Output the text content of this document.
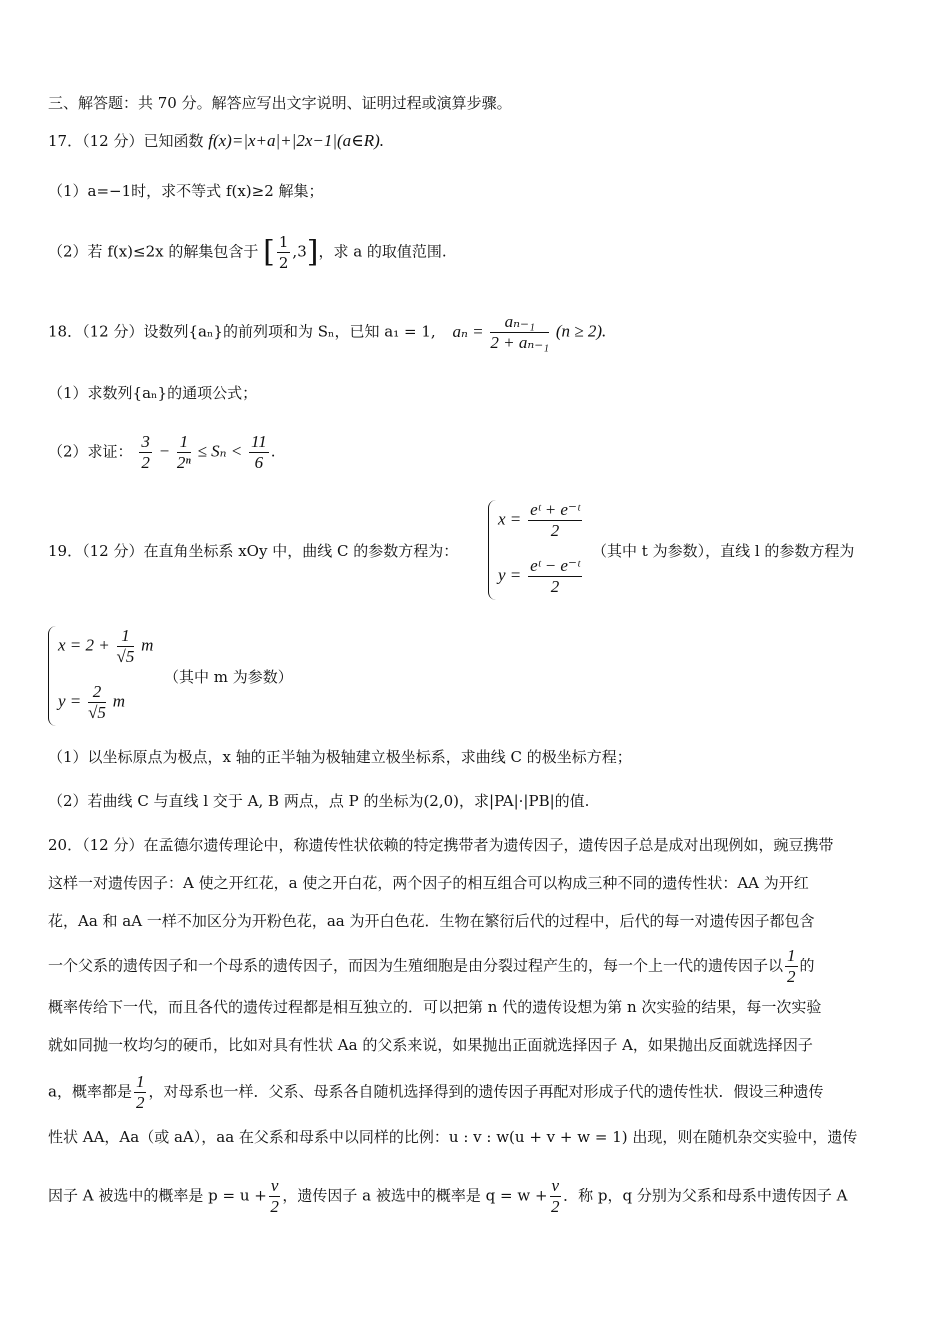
三、解答题：共 70 分。解答应写出文字说明、证明过程或演算步骤。
17．（12 分）已知函数 f(x)=|x+a|+|2x−1|(a∈R).
（1）a=−1时，求不等式 f(x)≥2 解集；
（2）若 f(x)≤2x 的解集包含于 [ $\frac{1}{2} ,3$]，求 a 的取值范围.
18．（12 分）设数列{aₙ}的前列项和为 Sₙ，已知 a₁ = 1, $a_n = \frac{\text{aₙ₋₁}}{\text{2 + aₙ₋₁}} (n \ge 2)$.
（1）求数列{aₙ}的通项公式；
（2）求证： $\frac{3}{2} - \frac{1}{\text{2ⁿ}} \le S_n < \frac{11}{6}$ .
19．（12 分）在直角坐标系 xOy 中，曲线 C 的参数方程为：
$x = \frac{\text{eᵗ + e⁻ᵗ}}{2}$
$y = \frac{\text{eᵗ − e⁻ᵗ}}{2}$
（其中 t 为参数），直线 l 的参数方程为
$x = 2 + \frac{1}{√5}$ m
$y = \frac{2}{√5}$ m
（其中 m 为参数）
（1）以坐标原点为极点，x 轴的正半轴为极轴建立极坐标系，求曲线 C 的极坐标方程；
（2）若曲线 C 与直线 l 交于 A, B 两点，点 P 的坐标为(2,0)，求|PA|·|PB|的值.
20．（12 分）在孟德尔遗传理论中，称遗传性状依赖的特定携带者为遗传因子，遗传因子总是成对出现例如，豌豆携带
这样一对遗传因子：A 使之开红花，a 使之开白花，两个因子的相互组合可以构成三种不同的遗传性状：AA 为开红
花，Aa 和 aA 一样不加区分为开粉色花，aa 为开白色花．生物在繁衍后代的过程中，后代的每一对遗传因子都包含
一个父系的遗传因子和一个母系的遗传因子，而因为生殖细胞是由分裂过程产生的，每一个上一代的遗传因子以 $\frac{1}{2}$ 的
概率传给下一代，而且各代的遗传过程都是相互独立的．可以把第 n 代的遗传设想为第 n 次实验的结果，每一次实验
就如同抛一枚均匀的硬币，比如对具有性状 Aa 的父系来说，如果抛出正面就选择因子 A，如果抛出反面就选择因子
a，概率都是 $\frac{1}{2}$ ，对母系也一样．父系、母系各自随机选择得到的遗传因子再配对形成子代的遗传性状．假设三种遗传
性状 AA，Aa（或 aA），aa 在父系和母系中以同样的比例：u : v : w(u + v + w = 1) 出现，则在随机杂交实验中，遗传
因子 A 被选中的概率是 $p = u + \frac{v}{2}$ ，遗传因子 a 被选中的概率是 $q = w + \frac{v}{2}$ ．称 p，q 分别为父系和母系中遗传因子 A
